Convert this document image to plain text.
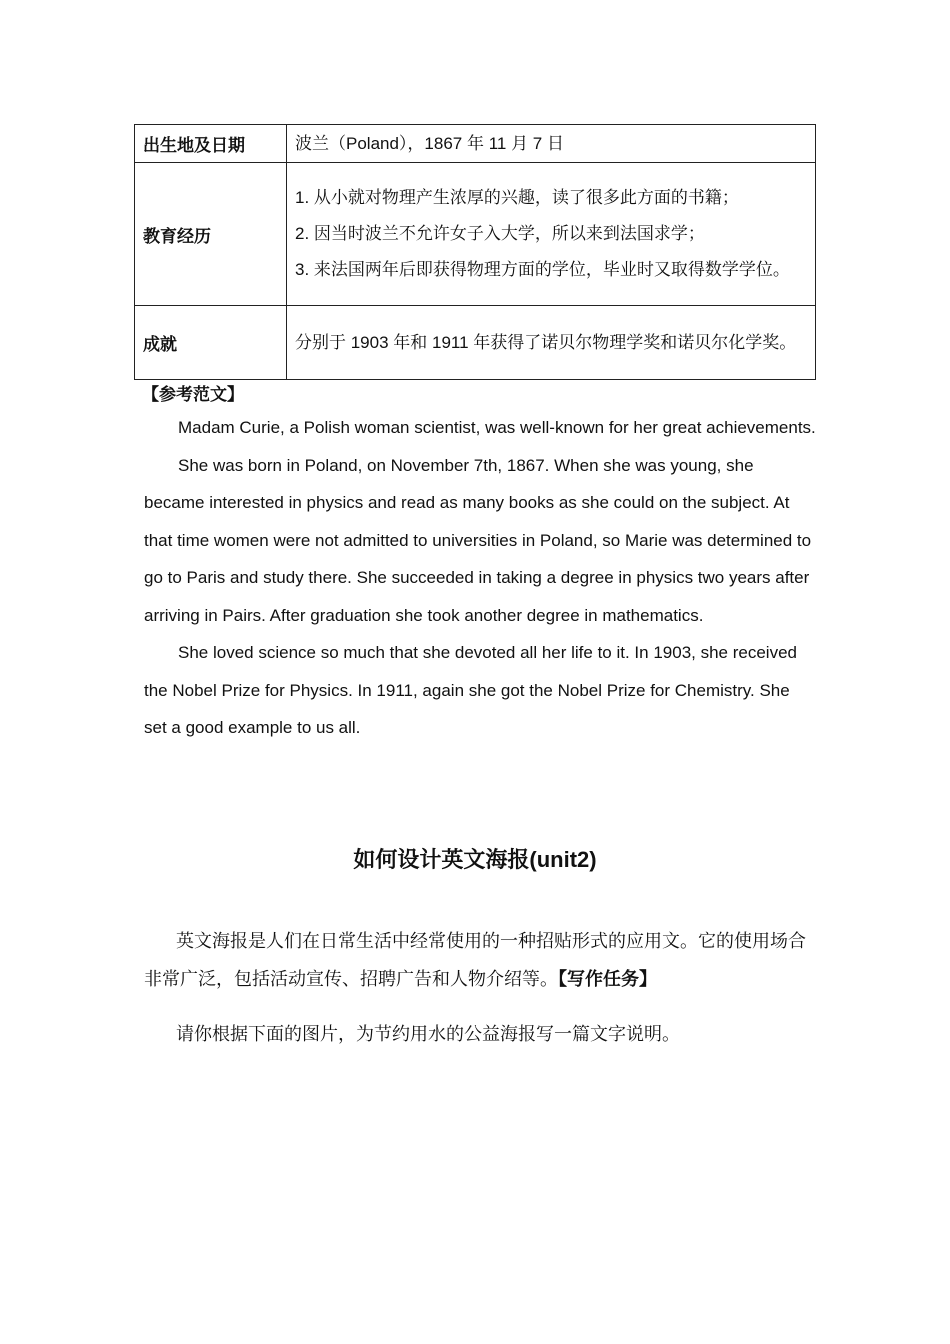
出生地及日期	波兰（Poland），1867 年 11 月 7 日

教育经历	1. 从小就对物理产生浓厚的兴趣，读了很多此方面的书籍；
2. 因当时波兰不允许女子入大学，所以来到法国求学；
3. 来法国两年后即获得物理方面的学位，毕业时又取得数学学位。

成就	分别于 1903 年和 1911 年获得了诺贝尔物理学奖和诺贝尔化学奖。
【参考范文】

Madam Curie, a Polish woman scientist, was well-known for her great achievements.

She was born in Poland, on November 7th, 1867. When she was young, she became interested in physics and read as many books as she could on the subject. At that time women were not admitted to universities in Poland, so Marie was determined to go to Paris and study there. She succeeded in taking a degree in physics two years after arriving in Pairs. After graduation she took another degree in mathematics.

She loved science so much that she devoted all her life to it. In 1903, she received the Nobel Prize for Physics. In 1911, again she got the Nobel Prize for Chemistry. She set a good example to us all.

如何设计英文海报(unit2)

英文海报是人们在日常生活中经常使用的一种招贴形式的应用文。它的使用场合非常广泛，包括活动宣传、招聘广告和人物介绍等。【写作任务】

请你根据下面的图片，为节约用水的公益海报写一篇文字说明。
